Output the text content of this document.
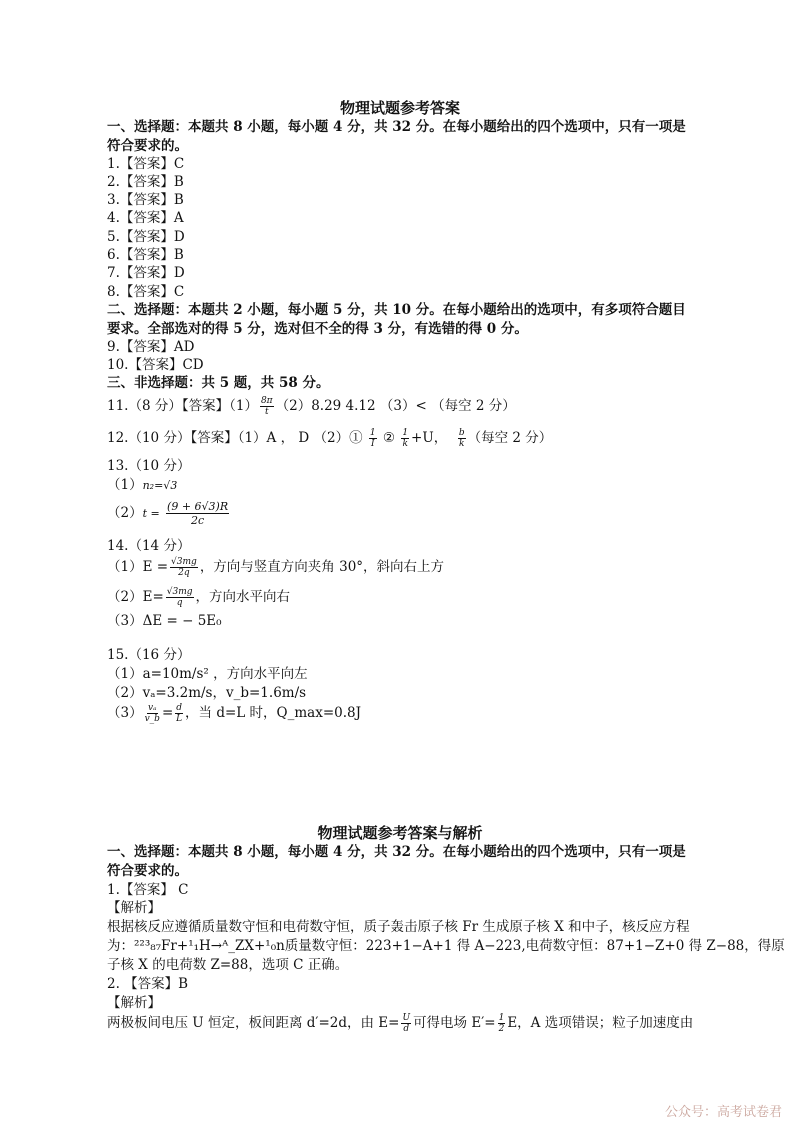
物理试题参考答案
一、选择题：本题共 8 小题，每小题 4 分，共 32 分。在每小题给出的四个选项中，只有一项是
符合要求的。
1.【答案】C
2.【答案】B
3.【答案】B
4.【答案】A
5.【答案】D
6.【答案】B
7.【答案】D
8.【答案】C
二、选择题：本题共 2 小题，每小题 5 分，共 10 分。在每小题给出的选项中，有多项符合题目
要求。全部选对的得 5 分，选对但不全的得 3 分，有选错的得 0 分。
9.【答案】AD
10.【答案】CD
三、非选择题：共 5 题，共 58 分。
11.（8 分）【答案】$(1) \frac{8\pi}{t} (2)8.29$ 4.12 （3）< （每空 2 分）
12.（10 分）【答案】（1）A ， D （2）① $\frac{1}{I}$ ② $\frac{1}{k} +U$， $\frac{b}{k}$ （每空 2 分）
13.（10 分）
（1）n₂=√3
$(2)t = \frac{(9 + 6√3)R}{2c}$
14.（14 分）
$(1)E = \frac{√3mg}{2q}$ ，方向与竖直方向夹角 30°，斜向右上方
$(2)E= \frac{√3mg}{q}$ ，方向水平向右
（3）ΔE = − 5E₀
15.（16 分）
（1）a=10m/s² ，方向水平向左
（2）vₐ=3.2m/s，v_b=1.6m/s
$(3) \frac{\text{vₐ}}{v\_b} = \frac{d}{L}$ ，当 d=L 时，Q_max=0.8J
物理试题参考答案与解析
一、选择题：本题共 8 小题，每小题 4 分，共 32 分。在每小题给出的四个选项中，只有一项是
符合要求的。
1.【答案】 C
【解析】
根据核反应遵循质量数守恒和电荷数守恒，质子轰击原子核 Fr 生成原子核 X 和中子，核反应方程
为：²²³₈₇Fr+¹₁H→ᴬ_ZX+¹₀n质量数守恒：223+1−A+1 得 A−223,电荷数守恒：87+1−Z+0 得 Z−88，得原
子核 X 的电荷数 Z=88，选项 C 正确。
2. 【答案】B
【解析】
两极板间电压 U 恒定，板间距离 d′=2d，由 $E= \frac{U}{d}$ 可得电场 $E'= \frac{1}{2}$ E，A 选项错误；粒子加速度由
公众号：高考试卷君
